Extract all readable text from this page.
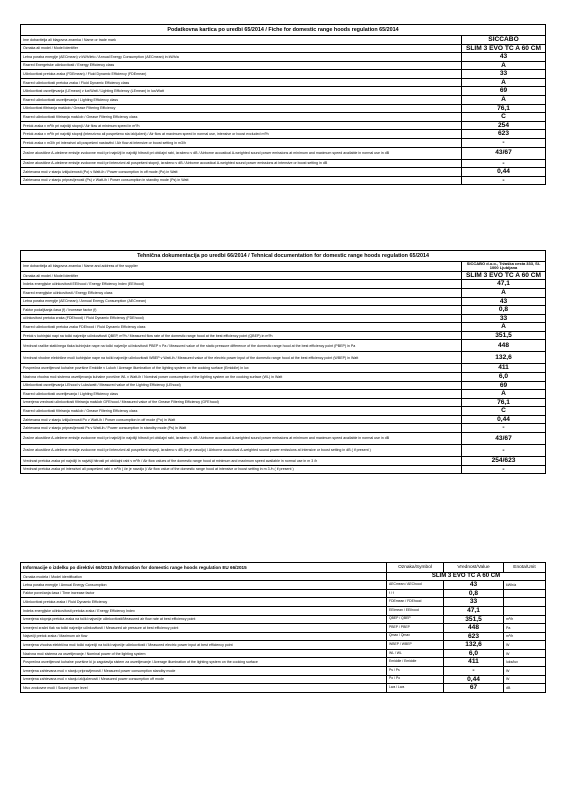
Podatkovna kartica po uredbi 65/2014 / Fiche for domestic range hoods regulation 65/2014	
Ime dobavitelja ali blagovna znamka / Name or trade mark	SICCABO
Oznaka ali model / Model identifier	SLIM 3 EVO TC A 60 CM
Letna poraba energije (AECmean) v kWh/leto / Annual Energy Consumption (AECmean) in kWh/a	43
Razred Energetske učinkovitosti / Energy Efficiency class	A
Učinkovitost pretoka zraka (FDEmean) / Fluid Dynamic Efficiency (FDEmean)	33
Razred učinkovitosti pretoka zraka / Fluid Dynamic Efficiency class	A
Učinkovitost osvetljevanja (LEmean) v lux/Watt / Lighting Efficiency (LEmean) in lux/Watt	69
Razred učinkovitosti osvetljevanja / Lighting Efficiency class	A
Učinkovitost filtriranja maščob / Grease Filtering Efficiency	76,1
Razred učinkovitosti filtriranja maščob / Grease Filtering Efficiency class	C
Pretok zraka v m³/h pri najnižji stopnji / Air flow at minimum speed in m³/h	254
Pretok zraka v m³/h pri najvišji stopnji (intenzivno ali pospešeno sta izključeni) / Air flow at maximum speed in normal use, intensive or boost excluded m³/h	623
Pretok zraka v m3/h pri intenzivni ali pospešeni nastavitvi / Air flow at intensive or boost setting in m3/h	-
Zračne akustične A-utežene emisije zvokovne moči pri najnižji in najvišji hitrosti pri običajni rabi, izraženo v dB / Airborne acoustical A-weighted sound power emissions at minimum and maximum speed available in normal use in dB	43/67
Zračne akustične A-utežene emisije zvokovne moči pri intenzivni ali pospešeni stopnji, izraženo v dB / Airborne acoustical A-weighted sound power emissions at intensive or boost setting in dB	-
Zahtevana moč v stanju izključenosti (Po) v Watt-ih / Power consumption in off mode (Po) in Watt	0,44
Zahtevana moč v stanju pripravljenosti (Ps) v Watt-ih / Power consumption in standby mode (Ps) in Watt	-
Tehnična dokumentacija po uredbi 66/2014 / Tehnical documentation for domestic range hoods regulation 65/2014	
Ime dobavitelja ali blagovna znamka / Name and address of the supplier	SICCABO d.o.o., Tržaška cesta 333, SI-1000 Ljubljana
Oznaka ali model / Model identifier	SLIM 3 EVO TC A 60 CM
Indeks energijske učinkovitosti EEIhood / Energy Efficiency Index (EEIhood)	47,1
Razred energijske učinkovitosti / Energy Efficiency class	A
Letna poraba energije (AECmean) / Annual Energy Consumption (AECmean)	43
Faktor podaljšanja časa (f) / Increase factor (f)	0,8
učinkovitost pretoka zraka (FDEhood) / Fluid Dynamic Efficiency (FDEhood)	33
Razred učinkovitosti pretoka zraka FDEhood / Fluid Dynamic Efficiency class	A
Pretok v kuhinjski napi na točki največje učinkovitosti QBEP, m³/h / Measured flow rate of the domestic range hood at the best efficiency point (QBEP) in m³/h	351,5
Vrednost razlike statičnega tlaka kuhinjske nape na točki največje učinkovitosti PBEP v Pa / Measured value of the static pressure difference of the domestic range hood at the best efficiency point (PBEP) in Pa	448
Vrednost vhodne električne moči kuhinjske nape na točki največje učinkovitosti WBEP v Watt-ih / Measured value of the electric power input of the domestic range hood at the best efficiency point (WBEP) in Watt	132,6
Povprečna osvetljenost kuhalne površine Emiddle v Lukoh / Average illumination of the lighting system on the cooking surface (Emiddle) in lux	411
Nazivna vhodna moč sistema osvetljevanja kuhalne površine WL v Watt-ih / Nominal power consumption of the lighting system on the cooking surface (WL) in Watt	6,0
Učinkovitost osvetljevanja LEhood v Luks/watt / Measured value of the Lighting Efficiency (LEhood)	69
Razred učinkovitosti osvetljevanja / Lighting Efficiency class	A
Izmerjena vrednost učinkovitosti filtriranja maščob GFEhood / Measured value of the Grease Filtering Efficiency (GFEhood)	76,1
Razred učinkovitosti filtriranja maščob / Grease Filtering Efficiency class	C
Zahtevana moč v stanju izključenosti Po v Watt-ih / Power consumption in off mode (Po) in Watt	0,44
Zahtevana moč v stanju pripravljenosti Ps v Watt-ih / Power consumption in standby mode (Ps) in Watt	-
Zračne akustične A-utežene emisije zvokovne moči pri najnižji in najvišji hitrosti pri običajni rabi, izraženo v dB / Airborne acoustical A-weighted sound power emissions at minimum and maximum speed available in normal use in dB	43/67
Zračne akustične A-utežene emisije zvokovne moči pri intenzivni ali pospešeni stopnji, izraženo v dB (če je navoljo) / Airborne acoustical A-weighted sound power emissions at intensive or boost setting in dB ( if present )	-
Vrednost pretoka zraka pri najnižji in najvišji hitrosti pri običajni rabi v m³/h / Air flow values of the domestic range hood at minimum and maximum speed available in normal use in m 3 /h	254/623
Vrednost pretoka zraka pri intenzivni ali pospešeni rabi v m³/h ( če je navoljo )/ Air flow value of the domestic range hood at intensive or boost setting in m 3 /h ( if present )	-
Informacije o izdelku po direktivi 66/2015 /Information for domestic range hoods regulation EU 66/2015	Oznaka/Symbol	Vrednost/Value	Enota/Unit
Oznaka modela / Model identification	SLIM 3 EVO TC A 60 CM		
Letna poraba energije / Annual Energy Consumption	AECmean / AEChood	43	kWh/a
Faktor povečanja časa / Time increase factor	f / f	0,8	
Učinkovitost pretoka zraka / Fluid Dynamic Efficiency	FDEmean / FDEhood	33	
Indeks energijske učinkovitosti pretoka zraka / Energy Efficiency Index	EEImean / EEIhood	47,1	
Izmerjena stopnja pretoka zraka na točki največje učinkovitosti/Measured air flow rate at best efficiency point	QBEP / QBEP	351,5	m³/h
Izmerjeni zračni tlak na točki največje učinkovitosti / Measured air pressure at best efficiency point	PBEP / PBEP	448	Pa
Največji pretok zraka / Maximum air flow	Qmax / Qmax	623	m³/h
Izmerjena vhodna električna moč točki največji na točki največje učinkovitosti / Measured electric power input at best efficiency point	WBEP / WBEP	132,6	W
Nazivna moč sistema za osvetljevanje / Nominal power of the lighting system	WL / WL	6,0	W
Povprečna osvetljenost kuhalne površine ki jo zagotavlja sistem za osvetljevanje / Average illumination of the lighting system on the cooking surface	Emiddle / Emiddle	411	luks/lux
Izmerjena zahtevana moč v stanju pripravljenosti / Measured power consumption standby mode	Ps / Ps	-	W
Izmerjena zahtevana moč v stanju izključenosti / Measured power consumption off mode	Po / Po	0,44	W
Nivo zvokovne moči / Sound power level	Lwa / Lwa	67	dB
